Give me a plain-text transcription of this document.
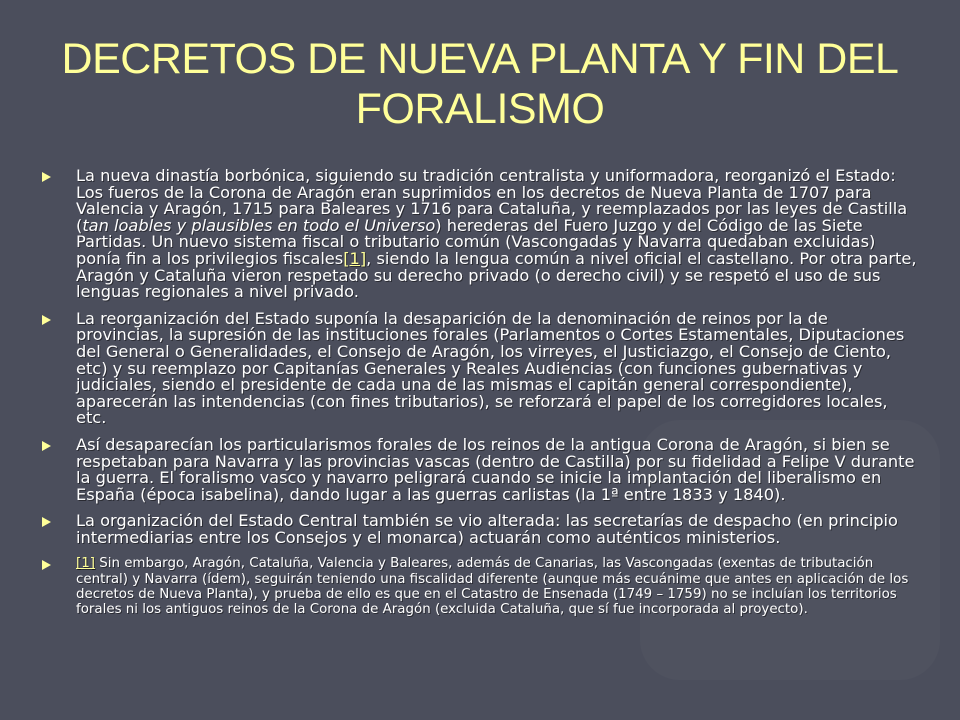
DECRETOS DE NUEVA PLANTA Y FIN DEL FORALISMO
La nueva dinastía borbónica, siguiendo su tradición centralista y uniformadora, reorganizó el Estado: Los fueros de la Corona de Aragón eran suprimidos en los decretos de Nueva Planta de 1707 para Valencia y Aragón, 1715 para Baleares y 1716 para Cataluña, y reemplazados por las leyes de Castilla (tan loables y plausibles en todo el Universo) herederas del Fuero Juzgo y del Código de las Siete Partidas. Un nuevo sistema fiscal o tributario común (Vascongadas y Navarra quedaban excluidas) ponía fin a los privilegios fiscales[1], siendo la lengua común a nivel oficial el castellano. Por otra parte, Aragón y Cataluña vieron respetado su derecho privado (o derecho civil) y se respetó el uso de sus lenguas regionales a nivel privado.
La reorganización del Estado suponía la desaparición de la denominación de reinos por la de provincias, la supresión de las instituciones forales (Parlamentos o Cortes Estamentales, Diputaciones del General o Generalidades, el Consejo de Aragón, los virreyes, el Justiciazgo, el Consejo de Ciento, etc) y su reemplazo por Capitanías Generales y Reales Audiencias (con funciones gubernativas y judiciales, siendo el presidente de cada una de las mismas el capitán general correspondiente), aparecerán las intendencias (con fines tributarios), se reforzará el papel de los corregidores locales, etc.
Así desaparecían los particularismos forales de los reinos de la antigua Corona de Aragón, si bien se respetaban para Navarra y las provincias vascas (dentro de Castilla) por su fidelidad a Felipe V durante la guerra. El foralismo vasco y navarro peligrará cuando se inicie la implantación del liberalismo en España (época isabelina), dando lugar a las guerras carlistas (la 1ª entre 1833 y 1840).
La organización del Estado Central también se vio alterada: las secretarías de despacho (en principio intermediarias entre los Consejos y el monarca) actuarán como auténticos ministerios.
[1] Sin embargo, Aragón, Cataluña, Valencia y Baleares, además de Canarias, las Vascongadas (exentas de tributación central) y Navarra (ídem), seguirán teniendo una fiscalidad diferente (aunque más ecuánime que antes en aplicación de los decretos de Nueva Planta), y prueba de ello es que en el Catastro de Ensenada (1749 – 1759) no se incluían los territorios forales ni los antiguos reinos de la Corona de Aragón (excluida Cataluña, que sí fue incorporada al proyecto).
